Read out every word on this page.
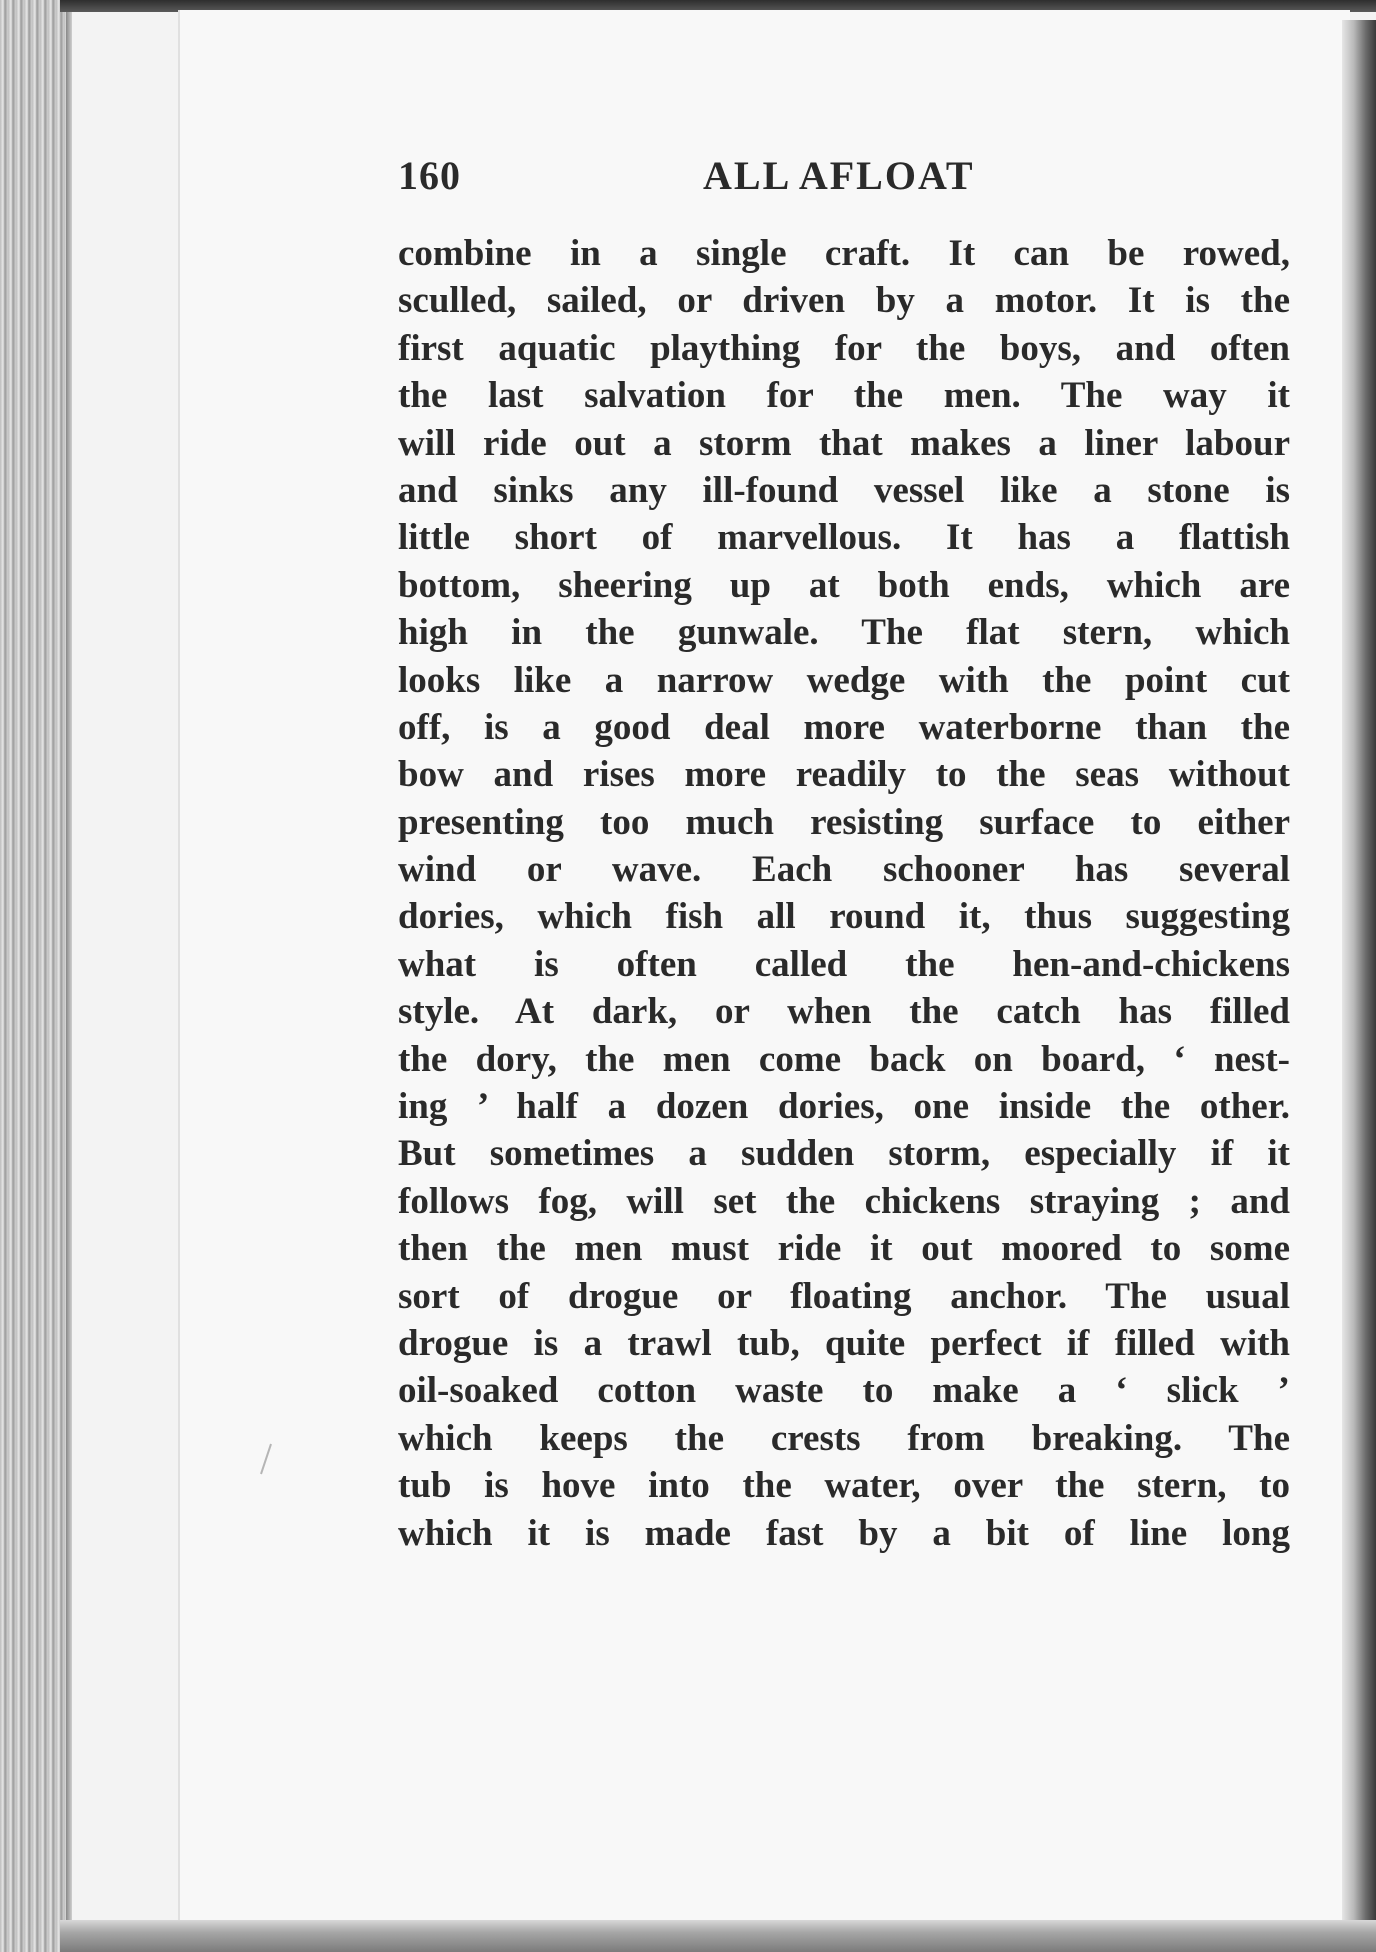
160	ALL AFLOAT
combine in a single craft. It can be rowed,
sculled, sailed, or driven by a motor. It is the
first aquatic plaything for the boys, and often
the last salvation for the men. The way it
will ride out a storm that makes a liner labour
and sinks any ill-found vessel like a stone is
little short of marvellous. It has a flattish
bottom, sheering up at both ends, which are
high in the gunwale. The flat stern, which
looks like a narrow wedge with the point cut
off, is a good deal more waterborne than the
bow and rises more readily to the seas without
presenting too much resisting surface to either
wind or wave. Each schooner has several
dories, which fish all round it, thus suggesting
what is often called the hen-and-chickens
style. At dark, or when the catch has filled
the dory, the men come back on board, ‘ nest-
ing ’ half a dozen dories, one inside the other.
But sometimes a sudden storm, especially if it
follows fog, will set the chickens straying ; and
then the men must ride it out moored to some
sort of drogue or floating anchor. The usual
drogue is a trawl tub, quite perfect if filled with
oil-soaked cotton waste to make a ‘ slick ’
which keeps the crests from breaking. The
tub is hove into the water, over the stern, to
which it is made fast by a bit of line long
